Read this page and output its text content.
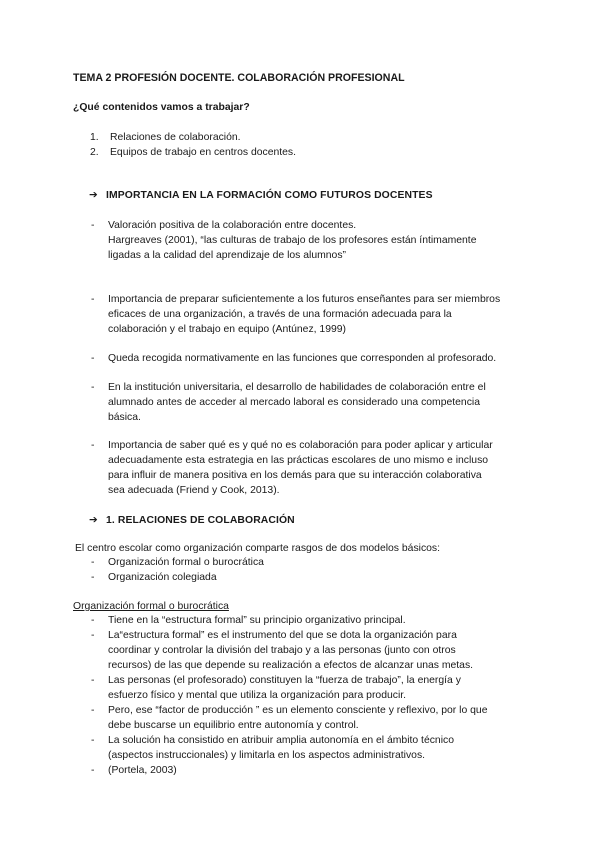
TEMA 2 PROFESIÓN DOCENTE. COLABORACIÓN PROFESIONAL
¿Qué contenidos vamos a trabajar?
1. Relaciones de colaboración.
2. Equipos de trabajo en centros docentes.
➔ IMPORTANCIA EN LA FORMACIÓN COMO FUTUROS DOCENTES
-	Valoración positiva de la colaboración entre docentes.
Hargreaves (2001), “las culturas de trabajo de los profesores están íntimamente
ligadas a la calidad del aprendizaje de los alumnos”
-	Importancia de preparar suficientemente a los futuros enseñantes para ser miembros
eficaces de una organización, a través de una formación adecuada para la
colaboración y el trabajo en equipo (Antúnez, 1999)
-	Queda recogida normativamente en las funciones que corresponden al profesorado.
-	En la institución universitaria, el desarrollo de habilidades de colaboración entre el
alumnado antes de acceder al mercado laboral es considerado una competencia
básica.
-	Importancia de saber qué es y qué no es colaboración para poder aplicar y articular
adecuadamente esta estrategia en las prácticas escolares de uno mismo e incluso
para influir de manera positiva en los demás para que su interacción colaborativa
sea adecuada (Friend y Cook, 2013).
➔ 1. RELACIONES DE COLABORACIÓN
El centro escolar como organización comparte rasgos de dos modelos básicos:
-	Organización formal o burocrática
-	Organización colegiada
Organización formal o burocrática
-	Tiene en la “estructura formal” su principio organizativo principal.
-	La“estructura formal” es el instrumento del que se dota la organización para
coordinar y controlar la división del trabajo y a las personas (junto con otros
recursos) de las que depende su realización a efectos de alcanzar unas metas.
-	Las personas (el profesorado) constituyen la “fuerza de trabajo”, la energía y
esfuerzo físico y mental que utiliza la organización para producir.
-	Pero, ese “factor de producción ” es un elemento consciente y reflexivo, por lo que
debe buscarse un equilibrio entre autonomía y control.
-	La solución ha consistido en atribuir amplia autonomía en el ámbito técnico
(aspectos instruccionales) y limitarla en los aspectos administrativos.
-	(Portela, 2003)
